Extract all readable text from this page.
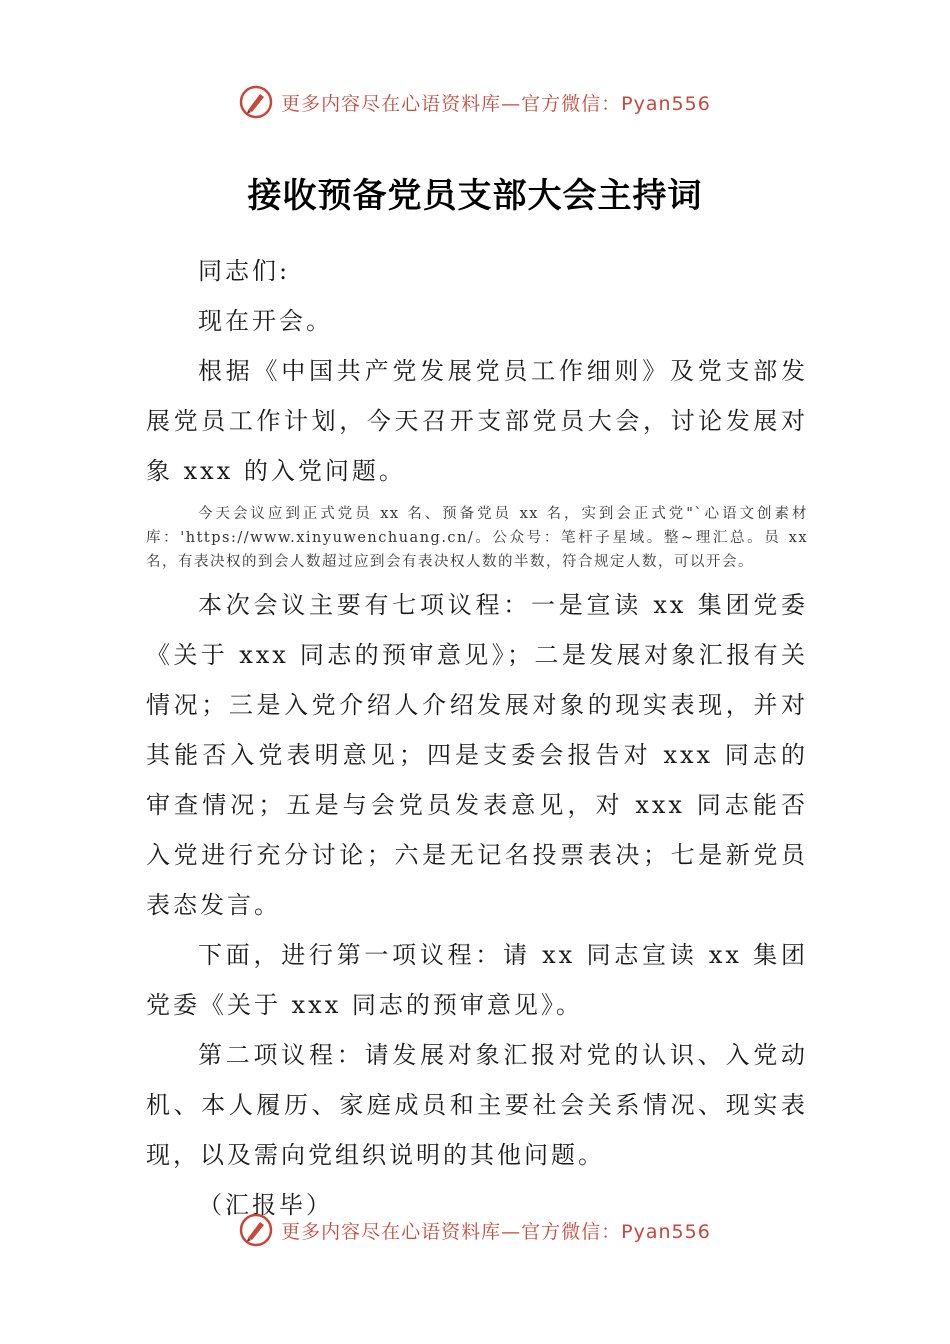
更多内容尽在心语资料库—官方微信：Pyan556
接收预备党员支部大会主持词

同志们:

现在开会。

根据《中国共产党发展党员工作细则》及党支部发展党员工作计划，今天召开支部党员大会，讨论发展对象 xxx 的入党问题。

今天会议应到正式党员 xx 名、预备党员 xx 名，实到会正式党"`心语文创素材库：'https://www.xinyuwenchuang.cn/。公众号：笔杆子星域。整~理汇总。员 xx 名，有表决权的到会人数超过应到会有表决权人数的半数，符合规定人数，可以开会。

本次会议主要有七项议程：一是宣读 xx 集团党委《关于 xxx 同志的预审意见》；二是发展对象汇报有关情况；三是入党介绍人介绍发展对象的现实表现，并对其能否入党表明意见；四是支委会报告对 xxx 同志的审查情况；五是与会党员发表意见，对 xxx 同志能否入党进行充分讨论；六是无记名投票表决；七是新党员表态发言。

下面，进行第一项议程：请 xx 同志宣读 xx 集团党委《关于 xxx 同志的预审意见》。

第二项议程：请发展对象汇报对党的认识、入党动机、本人履历、家庭成员和主要社会关系情况、现实表现，以及需向党组织说明的其他问题。

（汇报毕）

更多内容尽在心语资料库—官方微信：Pyan556
